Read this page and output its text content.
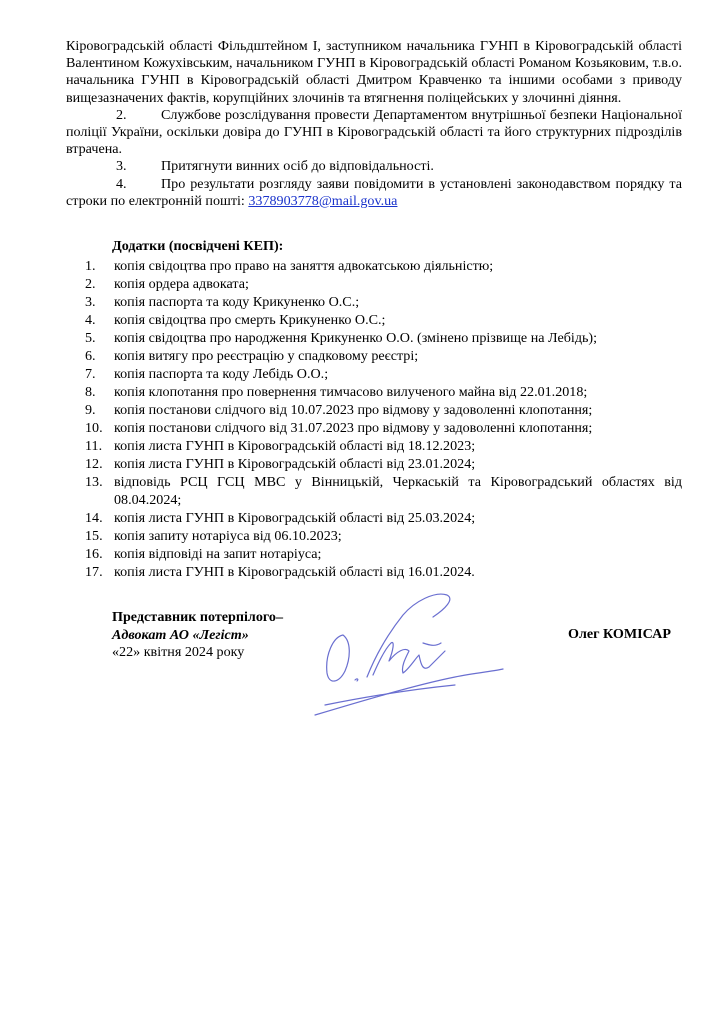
Кіровоградській області Фільдштейном І, заступником начальника ГУНП в Кіровоградській області Валентином Кожухівським, начальником ГУНП в Кіровоградській області Романом Козьяковим, т.в.о. начальника ГУНП в Кіровоградській області Дмитром Кравченко та іншими особами з приводу вищезазначених фактів, корупційних злочинів та втягнення поліцейських у злочинні діяння.

2. Службове розслідування провести Департаментом внутрішньої безпеки Національної поліції України, оскільки довіра до ГУНП в Кіровоградській області та його структурних підрозділів втрачена.

3. Притягнути винних осіб до відповідальності.

4. Про результати розгляду заяви повідомити в установлені законодавством порядку та строки по електронній пошті: 3378903778@mail.gov.ua

Додатки (посвідчені КЕП):
1. копія свідоцтва про право на заняття адвокатською діяльністю;
2. копія ордера адвоката;
3. копія паспорта та коду Крикуненко О.С.;
4. копія свідоцтва про смерть Крикуненко О.С.;
5. копія свідоцтва про народження Крикуненко О.О. (змінено прізвище на Лебідь);
6. копія витягу про реєстрацію у спадковому реєстрі;
7. копія паспорта та коду Лебідь О.О.;
8. копія клопотання про повернення тимчасово вилученого майна від 22.01.2018;
9. копія постанови слідчого від 10.07.2023 про відмову у задоволенні клопотання;
10. копія постанови слідчого від 31.07.2023 про відмову у задоволенні клопотання;
11. копія листа ГУНП в Кіровоградській області від 18.12.2023;
12. копія листа ГУНП в Кіровоградській області від 23.01.2024;
13. відповідь РСЦ ГСЦ МВС у Вінницькій, Черкаській та Кіровоградський областях від 08.04.2024;
14. копія листа ГУНП в Кіровоградській області від 25.03.2024;
15. копія запиту нотаріуса від 06.10.2023;
16. копія відповіді на запит нотаріуса;
17. копія листа ГУНП в Кіровоградській області від 16.01.2024.
Представник потерпілого–
Адвокат АО «Легіст»
«22» квітня 2024 року
Олег КОМІСАР
